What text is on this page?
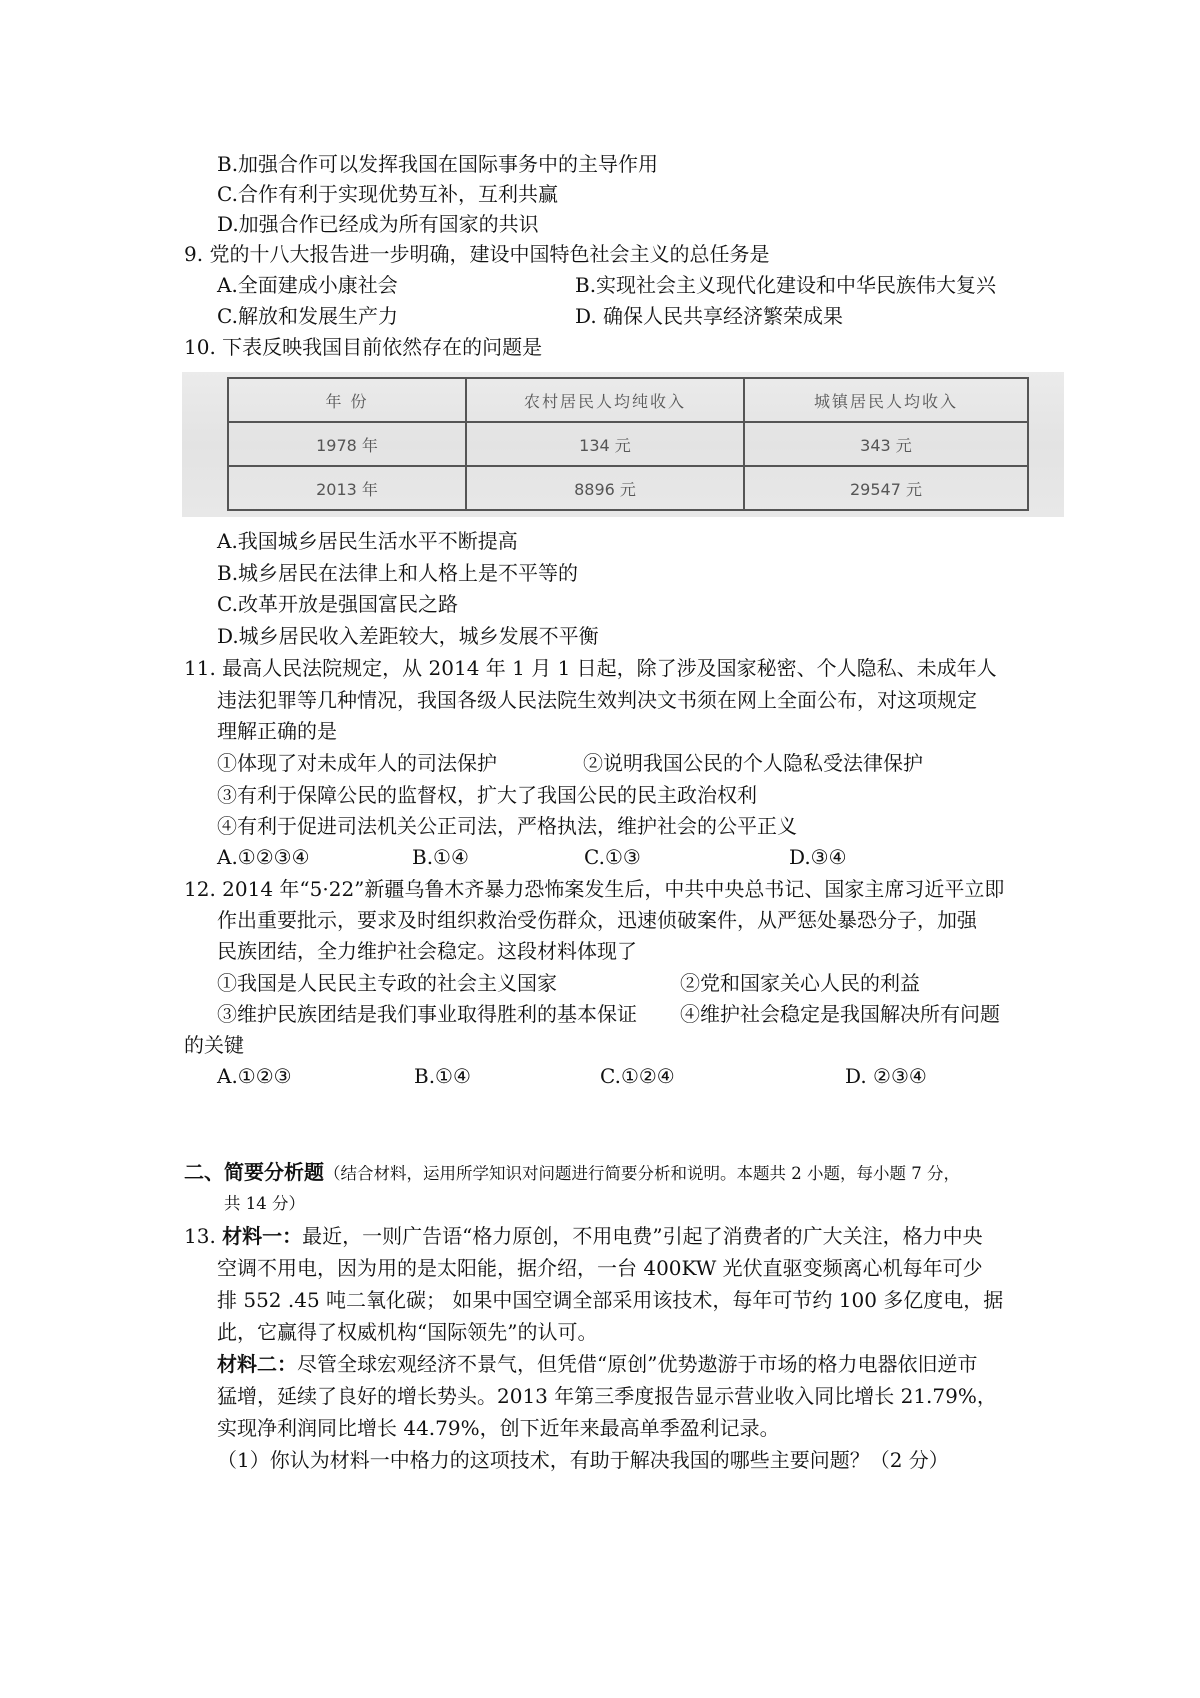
B.加强合作可以发挥我国在国际事务中的主导作用
C.合作有利于实现优势互补，互利共赢
D.加强合作已经成为所有国家的共识
9. 党的十八大报告进一步明确，建设中国特色社会主义的总任务是
A.全面建成小康社会	B.实现社会主义现代化建设和中华民族伟大复兴
C.解放和发展生产力	D. 确保人民共享经济繁荣成果
10. 下表反映我国目前依然存在的问题是
年 份	农村居民人均纯收入	城镇居民人均收入
1978 年	134 元	343 元
2013 年	8896 元	29547 元
A.我国城乡居民生活水平不断提高
B.城乡居民在法律上和人格上是不平等的
C.改革开放是强国富民之路
D.城乡居民收入差距较大，城乡发展不平衡
11. 最高人民法院规定，从 2014 年 1 月 1 日起，除了涉及国家秘密、个人隐私、未成年人
违法犯罪等几种情况，我国各级人民法院生效判决文书须在网上全面公布，对这项规定
理解正确的是
①体现了对未成年人的司法保护	②说明我国公民的个人隐私受法律保护
③有利于保障公民的监督权，扩大了我国公民的民主政治权利
④有利于促进司法机关公正司法，严格执法，维护社会的公平正义
A.①②③④	B.①④	C.①③	D.③④
12. 2014 年“5·22”新疆乌鲁木齐暴力恐怖案发生后，中共中央总书记、国家主席习近平立即
作出重要批示，要求及时组织救治受伤群众，迅速侦破案件，从严惩处暴恐分子，加强
民族团结，全力维护社会稳定。这段材料体现了
①我国是人民民主专政的社会主义国家	②党和国家关心人民的利益
③维护民族团结是我们事业取得胜利的基本保证 ④维护社会稳定是我国解决所有问题
的关键
A.①②③	B.①④	C.①②④	D. ②③④
二、简要分析题（结合材料，运用所学知识对问题进行简要分析和说明。本题共 2 小题，每小题 7 分，
共 14 分）
13. 材料一：最近，一则广告语“格力原创，不用电费”引起了消费者的广大关注，格力中央
空调不用电，因为用的是太阳能，据介绍，一台 400KW 光伏直驱变频离心机每年可少
排 552 .45 吨二氧化碳； 如果中国空调全部采用该技术，每年可节约 100 多亿度电，据
此，它赢得了权威机构“国际领先”的认可。
材料二：尽管全球宏观经济不景气，但凭借“原创”优势遨游于市场的格力电器依旧逆市
猛增，延续了良好的增长势头。2013 年第三季度报告显示营业收入同比增长 21.79%，
实现净利润同比增长 44.79%，创下近年来最高单季盈利记录。
（1）你认为材料一中格力的这项技术，有助于解决我国的哪些主要问题？（2 分）
